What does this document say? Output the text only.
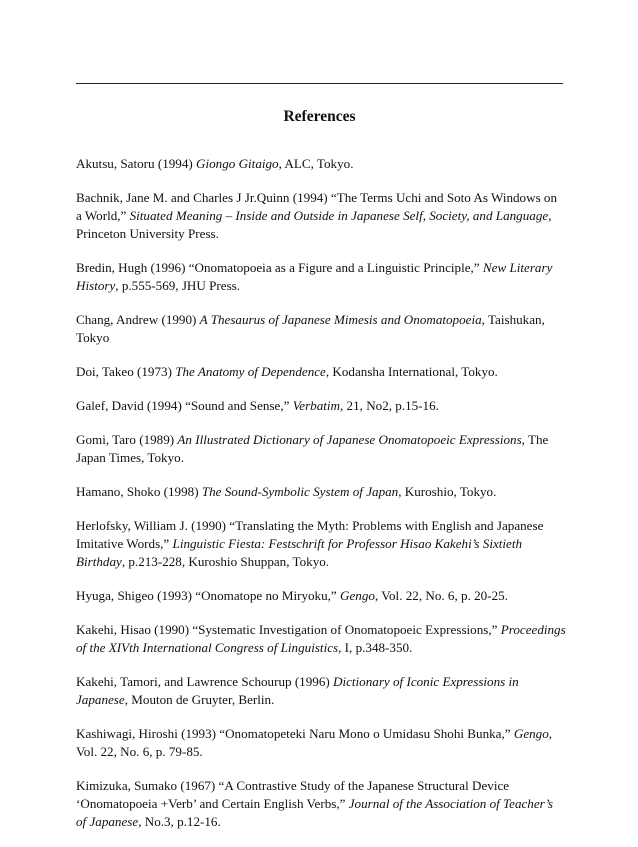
References

Akutsu, Satoru (1994) Giongo Gitaigo, ALC, Tokyo.

Bachnik, Jane M. and Charles J Jr.Quinn (1994) “The Terms Uchi and Soto As Windows on a World,” Situated Meaning – Inside and Outside in Japanese Self, Society, and Language, Princeton University Press.

Bredin, Hugh (1996) “Onomatopoeia as a Figure and a Linguistic Principle,” New Literary History, p.555-569, JHU Press.

Chang, Andrew (1990) A Thesaurus of Japanese Mimesis and Onomatopoeia, Taishukan, Tokyo

Doi, Takeo (1973) The Anatomy of Dependence, Kodansha International, Tokyo.

Galef, David (1994) “Sound and Sense,” Verbatim, 21, No2, p.15-16.

Gomi, Taro (1989) An Illustrated Dictionary of Japanese Onomatopoeic Expressions, The Japan Times, Tokyo.

Hamano, Shoko (1998) The Sound-Symbolic System of Japan, Kuroshio, Tokyo.

Herlofsky, William J. (1990) “Translating the Myth: Problems with English and Japanese Imitative Words,” Linguistic Fiesta: Festschrift for Professor Hisao Kakehi’s Sixtieth Birthday, p.213-228, Kuroshio Shuppan, Tokyo.

Hyuga, Shigeo (1993) “Onomatope no Miryoku,” Gengo, Vol. 22, No. 6, p. 20-25.

Kakehi, Hisao (1990) “Systematic Investigation of Onomatopoeic Expressions,” Proceedings of the XIVth International Congress of Linguistics, I, p.348-350.

Kakehi, Tamori, and Lawrence Schourup (1996) Dictionary of Iconic Expressions in Japanese, Mouton de Gruyter, Berlin.

Kashiwagi, Hiroshi (1993) “Onomatopeteki Naru Mono o Umidasu Shohi Bunka,” Gengo, Vol. 22, No. 6, p. 79-85.

Kimizuka, Sumako (1967) “A Contrastive Study of the Japanese Structural Device ‘Onomatopoeia +Verb’ and Certain English Verbs,” Journal of the Association of Teacher’s of Japanese, No.3, p.12-16.
